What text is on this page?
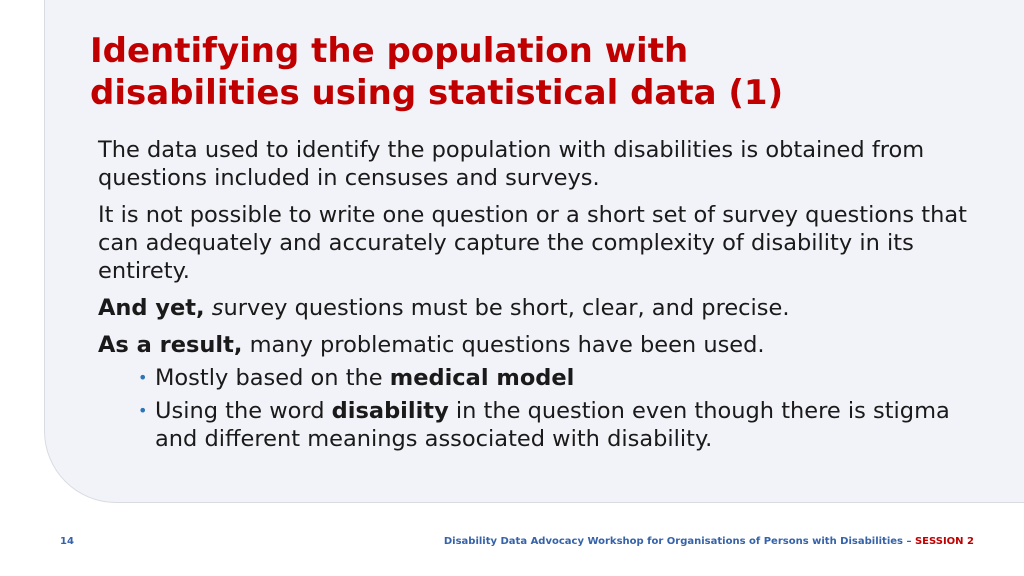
Identifying the population with
disabilities using statistical data (1)

The data used to identify the population with disabilities is obtained from questions included in censuses and surveys.

It is not possible to write one question or a short set of survey questions that can adequately and accurately capture the complexity of disability in its entirety.

And yet, survey questions must be short, clear, and precise.

As a result, many problematic questions have been used.

• Mostly based on the medical model
• Using the word disability in the question even though there is stigma and different meanings associated with disability.
14	Disability Data Advocacy Workshop for Organisations of Persons with Disabilities – SESSION 2
